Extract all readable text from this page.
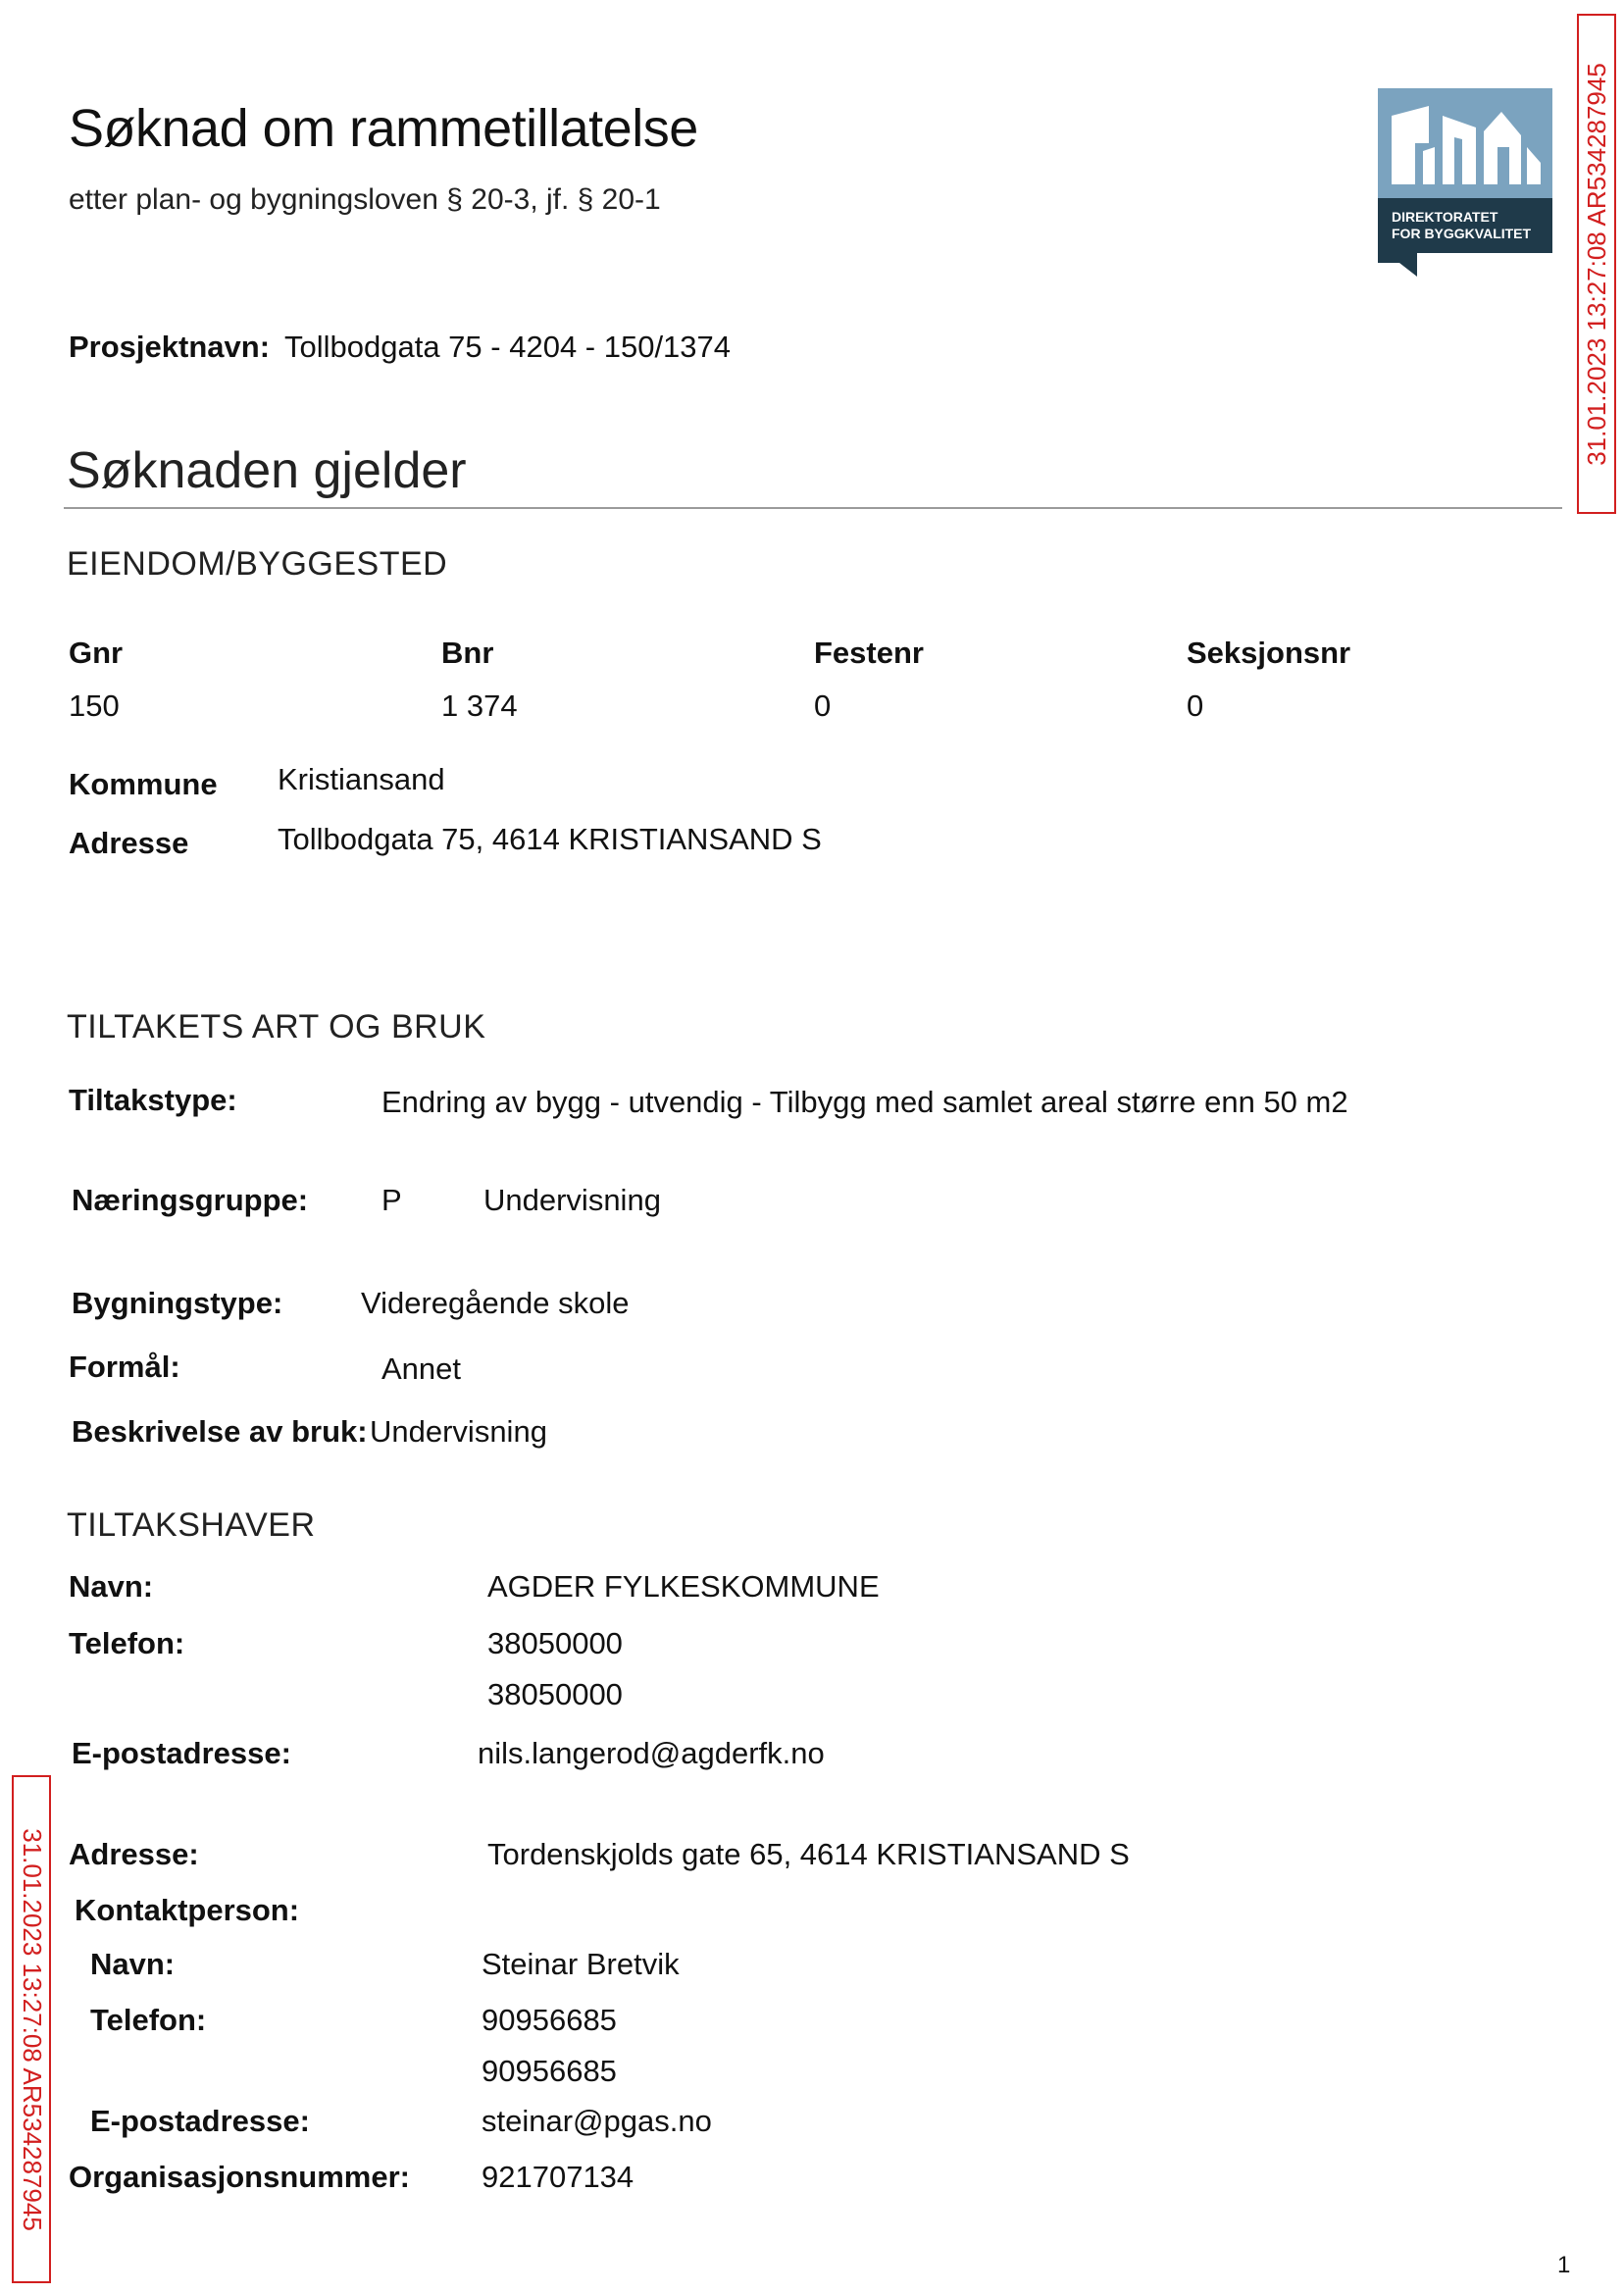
Søknad om rammetillatelse
etter plan- og bygningsloven § 20-3, jf. § 20-1
DIREKTORATET
FOR BYGGKVALITET 31.01.2023 13:27:08 AR534287945
31.01.2023 13:27:08 AR534287945
Prosjektnavn: Tollbodgata 75 - 4204 - 150/1374
Søknaden gjelder
EIENDOM/BYGGESTED
Gnr	Bnr	Festenr	Seksjonsnr
150	1 374	0	0
Kommune Kristiansand
Adresse	Tollbodgata 75, 4614 KRISTIANSAND S
TILTAKETS ART OG BRUK
Tiltakstype:	Endring av bygg - utvendig - Tilbygg med samlet areal større enn 50 m2
Næringsgruppe: P	Undervisning
Bygningstype:	Videregående skole
Formål:	Annet
Beskrivelse av bruk: Undervisning
TILTAKSHAVER
Navn:	AGDER FYLKESKOMMUNE
Telefon:	38050000
38050000
E-postadresse:	nils.langerod@agderfk.no
Adresse:	Tordenskjolds gate 65, 4614 KRISTIANSAND S
Kontaktperson:
Navn:	Steinar Bretvik
Telefon:	90956685
90956685
E-postadresse:	steinar@pgas.no
Organisasjonsnummer: 921707134
1
